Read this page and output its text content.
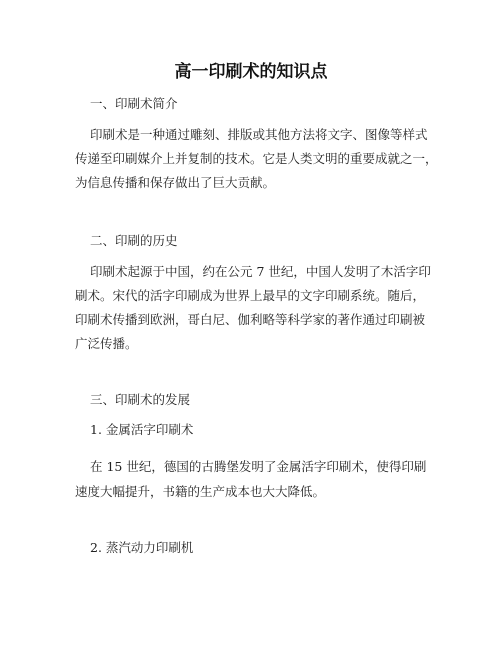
高一印刷术的知识点
一、印刷术简介
印刷术是一种通过雕刻、排版或其他方法将文字、图像等样式
传递至印刷媒介上并复制的技术。它是人类文明的重要成就之一，
为信息传播和保存做出了巨大贡献。
二、印刷的历史
印刷术起源于中国，约在公元 7 世纪，中国人发明了木活字印
刷术。宋代的活字印刷成为世界上最早的文字印刷系统。随后，
印刷术传播到欧洲，哥白尼、伽利略等科学家的著作通过印刷被
广泛传播。
三、印刷术的发展
1. 金属活字印刷术
在 15 世纪，德国的古腾堡发明了金属活字印刷术，使得印刷
速度大幅提升，书籍的生产成本也大大降低。
2. 蒸汽动力印刷机
